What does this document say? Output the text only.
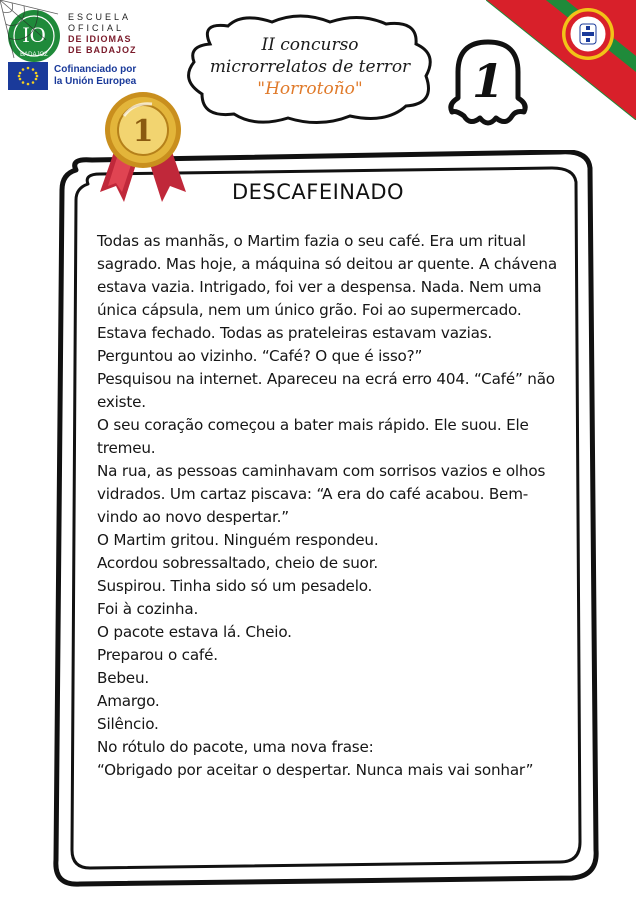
IO
BADAJOZ
ESCUELA
OFICIAL
DE IDIOMAS
DE BADAJOZ
Cofinanciado por
la Unión Europea
II concurso
microrrelatos de terror
"Horrotoño"	1
1
DESCAFEINADO

Todas as manhãs, o Martim fazia o seu café. Era um ritual sagrado. Mas hoje, a máquina só deitou ar quente. A chávena estava vazia. Intrigado, foi ver a despensa. Nada. Nem uma única cápsula, nem um único grão. Foi ao supermercado. Estava fechado. Todas as prateleiras estavam vazias.

Perguntou ao vizinho. “Café? O que é isso?”

Pesquisou na internet. Apareceu na ecrá erro 404. “Café” não existe.

O seu coração começou a bater mais rápido. Ele suou. Ele tremeu.

Na rua, as pessoas caminhavam com sorrisos vazios e olhos vidrados. Um cartaz piscava: “A era do café acabou. Bem-vindo ao novo despertar.”

O Martim gritou. Ninguém respondeu.

Acordou sobressaltado, cheio de suor.

Suspirou. Tinha sido só um pesadelo.

Foi à cozinha.

O pacote estava lá. Cheio.

Preparou o café.

Bebeu.

Amargo.

Silêncio.

No rótulo do pacote, uma nova frase:

“Obrigado por aceitar o despertar. Nunca mais vai sonhar”
